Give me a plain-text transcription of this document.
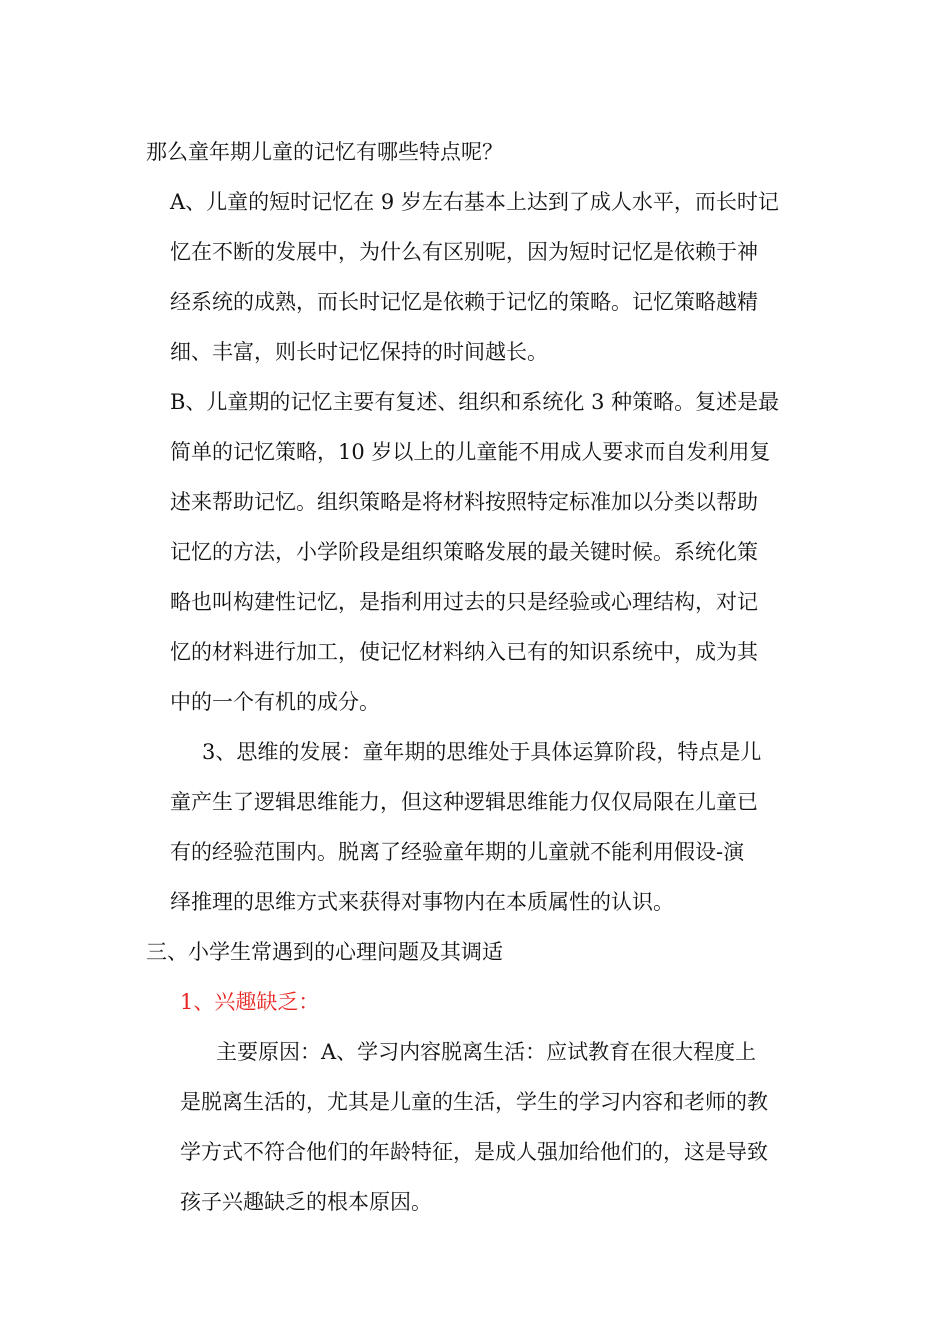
那么童年期儿童的记忆有哪些特点呢？

A、儿童的短时记忆在 9 岁左右基本上达到了成人水平，而长时记

忆在不断的发展中，为什么有区别呢，因为短时记忆是依赖于神

经系统的成熟，而长时记忆是依赖于记忆的策略。记忆策略越精

细、丰富，则长时记忆保持的时间越长。

B、儿童期的记忆主要有复述、组织和系统化 3 种策略。复述是最

简单的记忆策略，10 岁以上的儿童能不用成人要求而自发利用复

述来帮助记忆。组织策略是将材料按照特定标准加以分类以帮助

记忆的方法，小学阶段是组织策略发展的最关键时候。系统化策

略也叫构建性记忆，是指利用过去的只是经验或心理结构，对记

忆的材料进行加工，使记忆材料纳入已有的知识系统中，成为其

中的一个有机的成分。

3、思维的发展：童年期的思维处于具体运算阶段，特点是儿

童产生了逻辑思维能力，但这种逻辑思维能力仅仅局限在儿童已

有的经验范围内。脱离了经验童年期的儿童就不能利用假设-演

绎推理的思维方式来获得对事物内在本质属性的认识。

三、小学生常遇到的心理问题及其调适

1、兴趣缺乏：

主要原因：A、学习内容脱离生活：应试教育在很大程度上

是脱离生活的，尤其是儿童的生活，学生的学习内容和老师的教

学方式不符合他们的年龄特征，是成人强加给他们的，这是导致

孩子兴趣缺乏的根本原因。
